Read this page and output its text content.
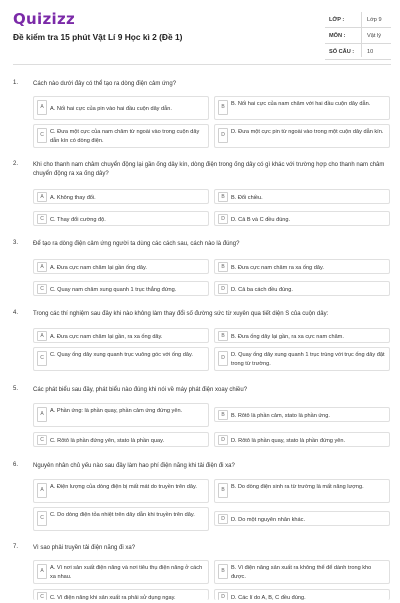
Quizizz
Đề kiểm tra 15 phút Vật Lí 9 Học kì 2 (Đề 1)
LỚP :	Lớp 9
MÔN :	Vật lý
SỐ CÂU : 10
1. Cách nào dưới đây có thể tạo ra dòng điện cảm ứng?
A	A. Nối hai cực của pin vào hai đầu cuộn dây dẫn.	B	B. Nối hai cực của nam châm với hai đầu cuộn dây dẫn.
C	C. Đưa một cực của nam châm từ ngoài vào trong cuộn dây dẫn kín có dòng điện.
D	D. Đưa một cực pin từ ngoài vào trong một cuộn dây dẫn kín.
2. Khi cho thanh nam châm chuyển động lại gần ống dây kín, dòng điện trong ống dây có gì khác với trường hợp cho thanh nam châm chuyển động ra xa ống dây?
A	A. Không thay đổi.	B	B. Đổi chiều.
C	C. Thay đổi cường độ.	D	D. Cả B và C đều đúng.
3. Để tạo ra dòng điện cảm ứng người ta dùng các cách sau, cách nào là đúng?
A	A. Đưa cực nam châm lại gần ống dây.	B	B. Đưa cực nam châm ra xa ống dây.
C	C. Quay nam châm xung quanh 1 trục thẳng đứng.	D	D. Cả ba cách đều đúng.
4. Trong các thí nghiệm sau đây khi nào không làm thay đổi số đường sức từ xuyên qua tiết diện S của cuộn dây:
A	A. Đưa cực nam châm lại gần, ra xa ống dây.	B	B. Đưa ống dây lại gần, ra xa cực nam châm.
C	C. Quay ống dây xung quanh trục vuông góc với ống dây.	D	D. Quay ống dây xung quanh 1 trục trùng với trục ống dây đặt trong từ trường.
5. Các phát biểu sau đây, phát biểu nào đúng khi nói về máy phát điện xoay chiều?
A	A. Phần ứng: là phần quay, phần cảm ứng đứng yên.
B	B. Rôtô là phần cảm, stato là phần ứng.
C	C. Rôtô là phần đứng yên, stato là phần quay.	D	D. Rôtô là phần quay, stato là phần đứng yên.
6. Nguyên nhân chủ yếu nào sau đây làm hao phí điện năng khi tải điện đi xa?
A	A. Điện lượng của dòng điện bị mất mát do truyền trên dây.	B	B. Do dòng điện sinh ra từ trường là mất năng lượng.
C	C. Do dòng điện tỏa nhiệt trên dây dẫn khi truyền trên dây.
D	D. Do một nguyên nhân khác.
7. Vì sao phải truyền tải điện năng đi xa?
A	A. Vì nơi sản xuất điện năng và nơi tiêu thụ điện năng ở cách xa nhau.
B	B. Vì điện năng sản xuất ra không thể để dành trong kho được.
C	C. Vì điện năng khi sản xuất ra phải sử dụng ngay.	D	D. Các lí do A, B, C đều đúng.
